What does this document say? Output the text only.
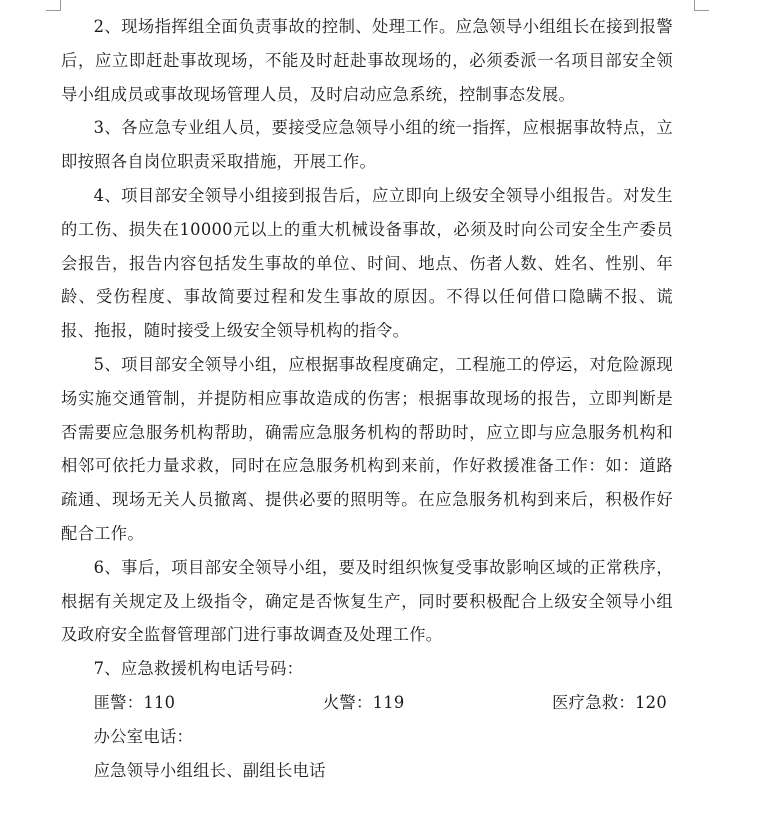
2、现场指挥组全面负责事故的控制、处理工作。应急领导小组组长在接到报警后，应立即赶赴事故现场，不能及时赶赴事故现场的，必须委派一名项目部安全领导小组成员或事故现场管理人员，及时启动应急系统，控制事态发展。

3、各应急专业组人员，要接受应急领导小组的统一指挥，应根据事故特点，立即按照各自岗位职责采取措施，开展工作。

4、项目部安全领导小组接到报告后，应立即向上级安全领导小组报告。对发生的工伤、损失在10000元以上的重大机械设备事故，必须及时向公司安全生产委员会报告，报告内容包括发生事故的单位、时间、地点、伤者人数、姓名、性别、年龄、受伤程度、事故简要过程和发生事故的原因。不得以任何借口隐瞒不报、谎报、拖报，随时接受上级安全领导机构的指令。

5、项目部安全领导小组，应根据事故程度确定，工程施工的停运，对危险源现场实施交通管制，并提防相应事故造成的伤害；根据事故现场的报告，立即判断是否需要应急服务机构帮助，确需应急服务机构的帮助时，应立即与应急服务机构和相邻可依托力量求救，同时在应急服务机构到来前，作好救援准备工作：如：道路疏通、现场无关人员撤离、提供必要的照明等。在应急服务机构到来后，积极作好配合工作。

6、事后，项目部安全领导小组，要及时组织恢复受事故影响区域的正常秩序，根据有关规定及上级指令，确定是否恢复生产，同时要积极配合上级安全领导小组及政府安全监督管理部门进行事故调查及处理工作。

7、应急救援机构电话号码：

匪警：110	火警：119	医疗急救：120

办公室电话：

应急领导小组组长、副组长电话
